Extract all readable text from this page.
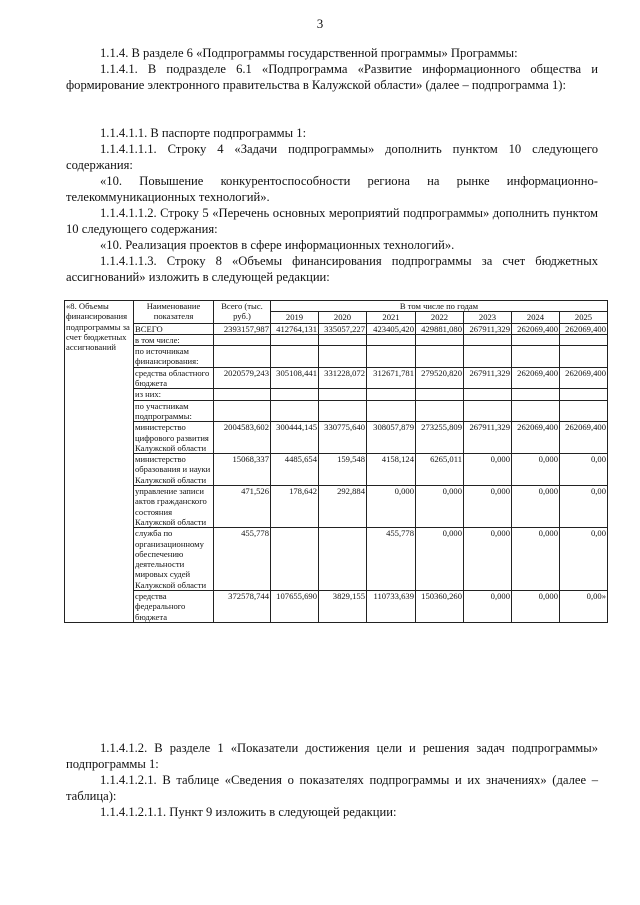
3

1.1.4. В разделе 6 «Подпрограммы государственной программы» Программы:

1.1.4.1. В подразделе 6.1 «Подпрограмма «Развитие информационного общества и формирование электронного правительства в Калужской области» (далее – подпрограмма 1):

1.1.4.1.1. В паспорте подпрограммы 1:

1.1.4.1.1.1. Строку 4 «Задачи подпрограммы» дополнить пунктом 10 следующего содержания:

«10. Повышение конкурентоспособности региона на рынке информационно-телекоммуникационных технологий».

1.1.4.1.1.2. Строку 5 «Перечень основных мероприятий подпрограммы» дополнить пунктом 10 следующего содержания:

«10. Реализация проектов в сфере информационных технологий».

1.1.4.1.1.3. Строку 8 «Объемы финансирования подпрограммы за счет бюджетных ассигнований» изложить в следующей редакции:

«8. Объемы финансирования подпрограммы за счет бюджетных ассигнований	Наименование показателя	Всего (тыс. руб.)	В том числе по годам						
			2019	2020	2021	2022	2023	2024	2025
	ВСЕГО	2393157,987	412764,131	335057,227	423405,420	429881,080	267911,329	262069,400	262069,400
	в том числе:								
	по источникам финансирования:								
	средства областного бюджета	2020579,243	305108,441	331228,072	312671,781	279520,820	267911,329	262069,400	262069,400
	из них:								
	по участникам подпрограммы:								
	министерство цифрового развития Калужской области	2004583,602	300444,145	330775,640	308057,879	273255,809	267911,329	262069,400	262069,400
	министерство образования и науки Калужской области	15068,337	4485,654	159,548	4158,124	6265,011	0,000	0,000	0,00
	управление записи актов гражданского состояния Калужской области	471,526	178,642	292,884	0,000	0,000	0,000	0,000	0,00
	служба по организационному обеспечению деятельности мировых судей Калужской области	455,778			455,778	0,000	0,000	0,000	0,00
	средства федерального бюджета	372578,744	107655,690	3829,155	110733,639	150360,260	0,000	0,000	0,00»

1.1.4.1.2. В разделе 1 «Показатели достижения цели и решения задач подпрограммы» подпрограммы 1:

1.1.4.1.2.1. В таблице «Сведения о показателях подпрограммы и их значениях» (далее – таблица):

1.1.4.1.2.1.1. Пункт 9 изложить в следующей редакции:
